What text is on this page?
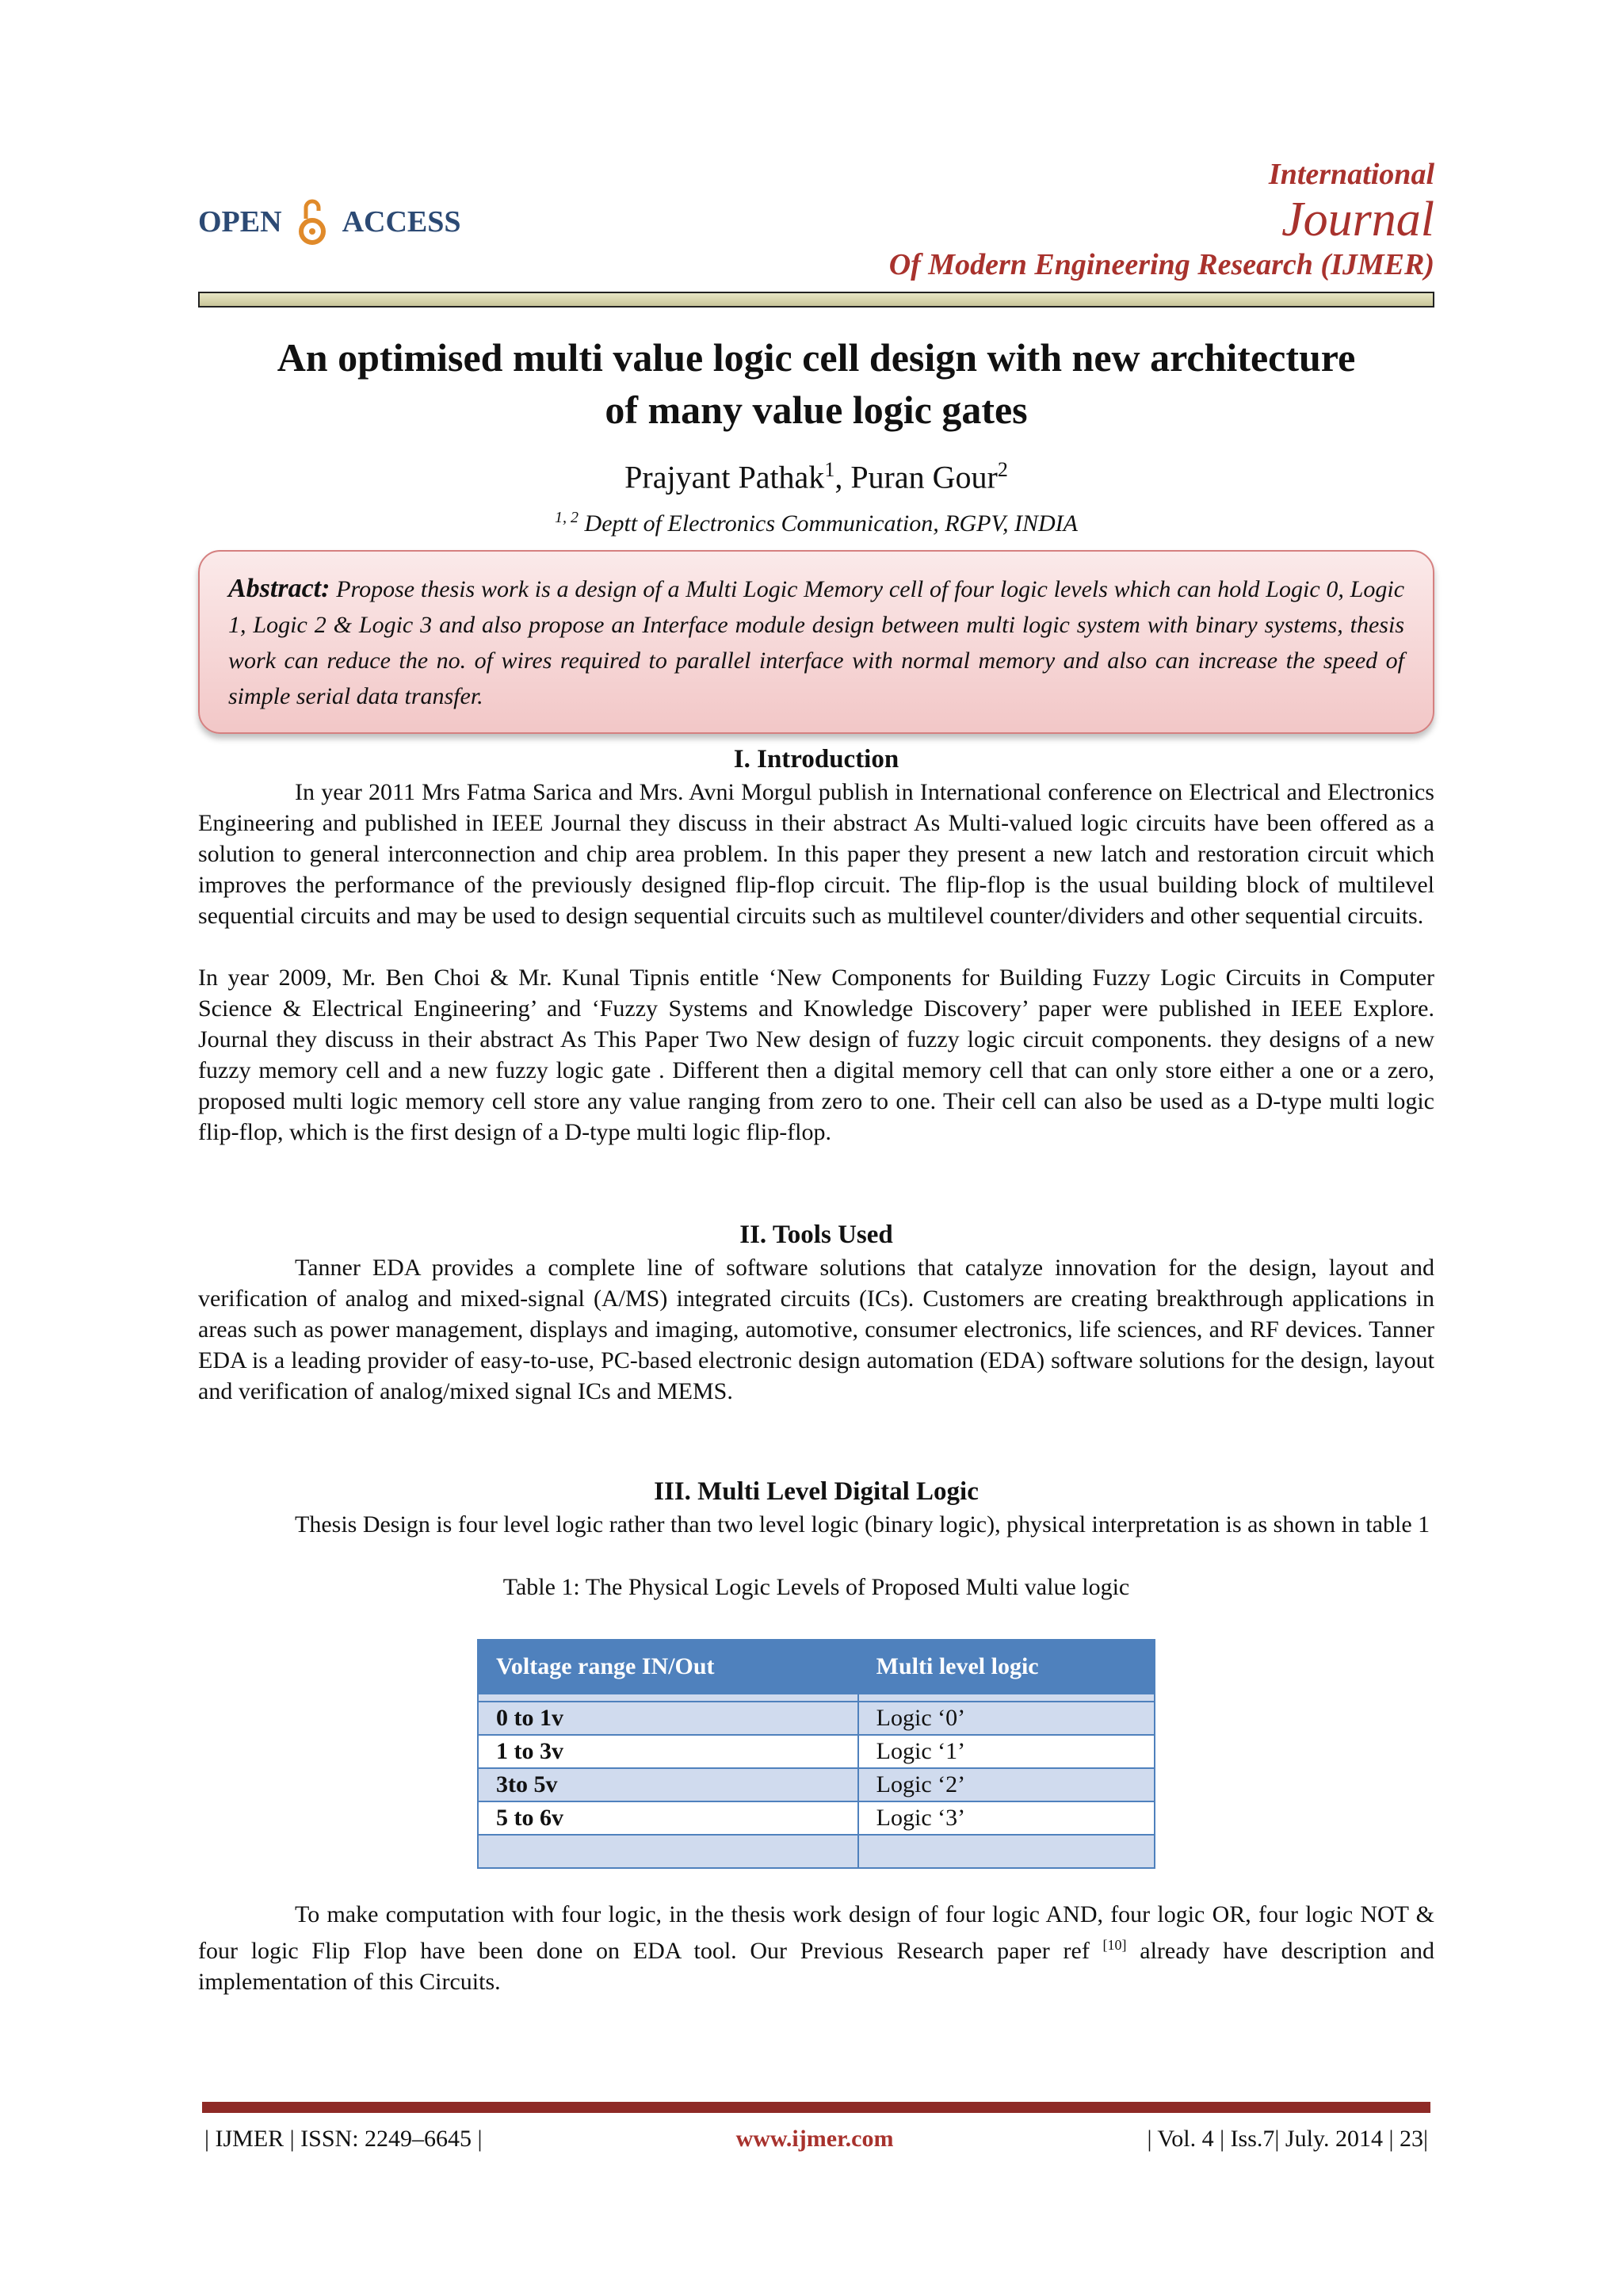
OPEN ACCESS
International
Journal
Of Modern Engineering Research (IJMER)
An optimised multi value logic cell design with new architecture
of many value logic gates
Prajyant Pathak$^1$, Puran Gour$^2$
$^{1, 2}$ Deptt of Electronics Communication, RGPV, INDIA
Abstract: Propose thesis work is a design of a Multi Logic Memory cell of four logic levels which can hold Logic 0, Logic 1, Logic 2 & Logic 3 and also propose an Interface module design between multi logic system with binary systems, thesis work can reduce the no. of wires required to parallel interface with normal memory and also can increase the speed of simple serial data transfer.
I. Introduction
In year 2011 Mrs Fatma Sarica and Mrs. Avni Morgul publish in International conference on Electrical and Electronics Engineering and published in IEEE Journal they discuss in their abstract As Multi-valued logic circuits have been offered as a solution to general interconnection and chip area problem. In this paper they present a new latch and restoration circuit which improves the performance of the previously designed flip-flop circuit. The flip-flop is the usual building block of multilevel sequential circuits and may be used to design sequential circuits such as multilevel counter/dividers and other sequential circuits.
In year 2009, Mr. Ben Choi & Mr. Kunal Tipnis entitle ‘New Components for Building Fuzzy Logic Circuits in Computer Science & Electrical Engineering’ and ‘Fuzzy Systems and Knowledge Discovery’ paper were published in IEEE Explore. Journal they discuss in their abstract As This Paper Two New design of fuzzy logic circuit components. they designs of a new fuzzy memory cell and a new fuzzy logic gate . Different then a digital memory cell that can only store either a one or a zero, proposed multi logic memory cell store any value ranging from zero to one. Their cell can also be used as a D-type multi logic flip-flop, which is the first design of a D-type multi logic flip-flop.
II. Tools Used
Tanner EDA provides a complete line of software solutions that catalyze innovation for the design, layout and verification of analog and mixed-signal (A/MS) integrated circuits (ICs). Customers are creating breakthrough applications in areas such as power management, displays and imaging, automotive, consumer electronics, life sciences, and RF devices. Tanner EDA is a leading provider of easy-to-use, PC-based electronic design automation (EDA) software solutions for the design, layout and verification of analog/mixed signal ICs and MEMS.
III. Multi Level Digital Logic
Thesis Design is four level logic rather than two level logic (binary logic), physical interpretation is as shown in table 1
Table 1: The Physical Logic Levels of Proposed Multi value logic
Voltage range IN/Out	Multi level logic

0 to 1v	Logic ‘0’
1 to 3v	Logic ‘1’
3to 5v	Logic ‘2’
5 to 6v	Logic ‘3’

To make computation with four logic, in the thesis work design of four logic AND, four logic OR, four logic NOT & four logic Flip Flop have been done on EDA tool. Our Previous Research paper ref [10] already have description and implementation of this Circuits.
| IJMER | ISSN: 2249–6645 |	www.ijmer.com	| Vol. 4 | Iss.7| July. 2014 | 23|
